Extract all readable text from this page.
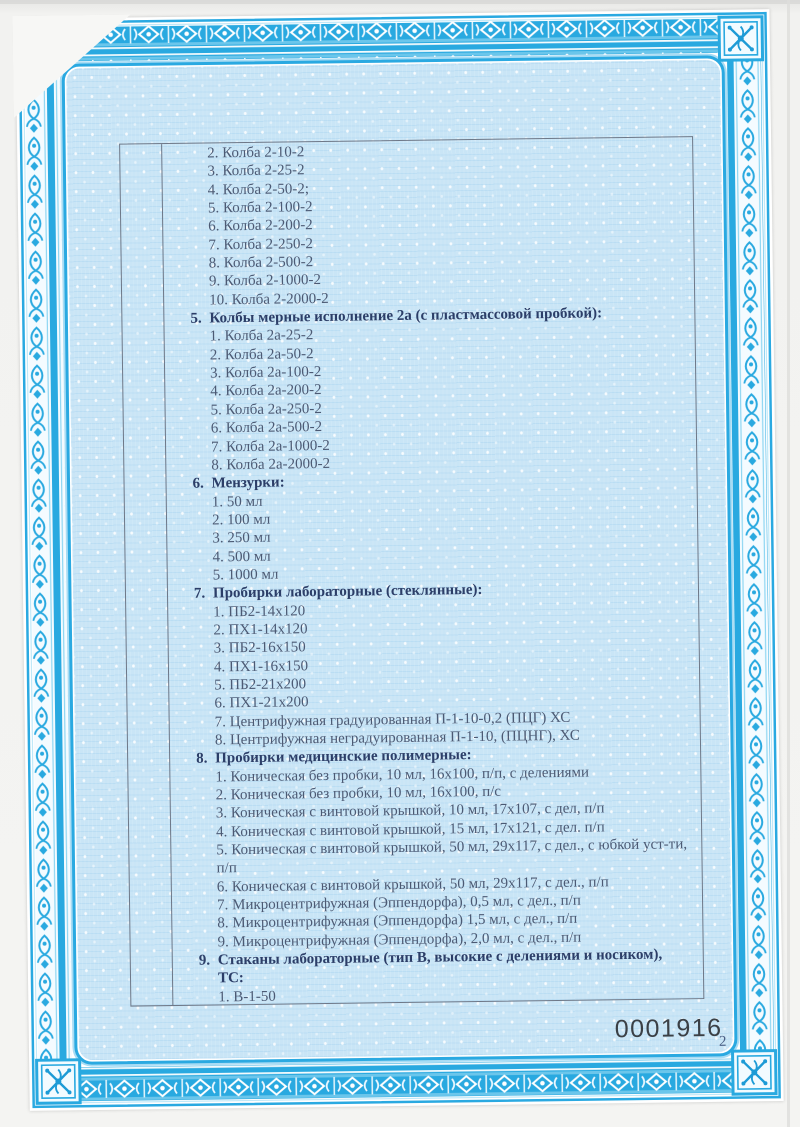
2. Колба 2-10-2
3. Колба 2-25-2
4. Колба 2-50-2;
5. Колба 2-100-2
6. Колба 2-200-2
7. Колба 2-250-2
8. Колба 2-500-2
9. Колба 2-1000-2
10. Колба 2-2000-2
5. Колбы мерные исполнение 2а (с пластмассовой пробкой):
1. Колба 2а-25-2
2. Колба 2а-50-2
3. Колба 2а-100-2
4. Колба 2а-200-2
5. Колба 2а-250-2
6. Колба 2а-500-2
7. Колба 2а-1000-2
8. Колба 2а-2000-2
6. Мензурки:
1. 50 мл
2. 100 мл
3. 250 мл
4. 500 мл
5. 1000 мл
7. Пробирки лабораторные (стеклянные):
1. ПБ2-14х120
2. ПХ1-14х120
3. ПБ2-16х150
4. ПХ1-16х150
5. ПБ2-21х200
6. ПХ1-21х200
7. Центрифужная градуированная П-1-10-0,2 (ПЦГ) ХС
8. Центрифужная неградуированная П-1-10, (ПЦНГ), ХС
8. Пробирки медицинские полимерные:
1. Коническая без пробки, 10 мл, 16х100, п/п, с делениями
2. Коническая без пробки, 10 мл, 16х100, п/с
3. Коническая с винтовой крышкой, 10 мл, 17х107, с дел, п/п
4. Коническая с винтовой крышкой, 15 мл, 17х121, с дел. п/п
5. Коническая с винтовой крышкой, 50 мл, 29х117, с дел., с юбкой уст-ти, п/п
6. Коническая с винтовой крышкой, 50 мл, 29х117, с дел., п/п
7. Микроцентрифужная (Эппендорфа), 0,5 мл, с дел., п/п
8. Микроцентрифужная (Эппендорфа) 1,5 мл, с дел., п/п
9. Микроцентрифужная (Эппендорфа), 2,0 мл, с дел., п/п
9. Стаканы лабораторные (тип В, высокие с делениями и носиком), ТС:
1. В-1-50
0001916
2
